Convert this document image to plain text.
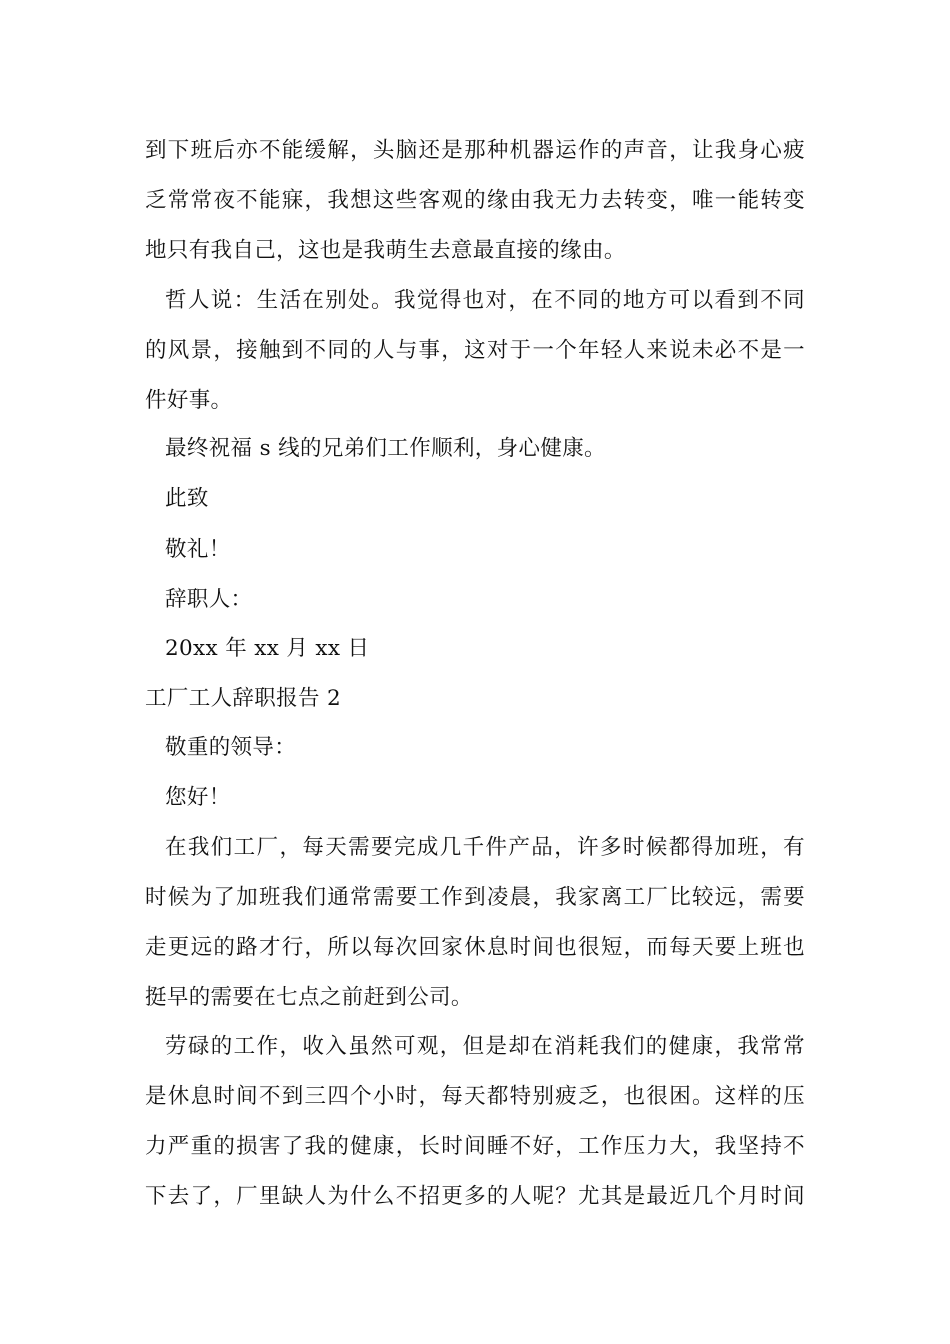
到下班后亦不能缓解，头脑还是那种机器运作的声音，让我身心疲
乏常常夜不能寐，我想这些客观的缘由我无力去转变，唯一能转变
地只有我自己，这也是我萌生去意最直接的缘由。
哲人说：生活在别处。我觉得也对，在不同的地方可以看到不同
的风景，接触到不同的人与事，这对于一个年轻人来说未必不是一
件好事。
最终祝福 s 线的兄弟们工作顺利，身心健康。
此致
敬礼！
辞职人：
20xx 年 xx 月 xx 日
工厂工人辞职报告 2
敬重的领导：
您好！
在我们工厂，每天需要完成几千件产品，许多时候都得加班，有
时候为了加班我们通常需要工作到凌晨，我家离工厂比较远，需要
走更远的路才行，所以每次回家休息时间也很短，而每天要上班也
挺早的需要在七点之前赶到公司。
劳碌的工作，收入虽然可观，但是却在消耗我们的健康，我常常
是休息时间不到三四个小时，每天都特别疲乏，也很困。这样的压
力严重的损害了我的健康，长时间睡不好，工作压力大，我坚持不
下去了，厂里缺人为什么不招更多的人呢？尤其是最近几个月时间
